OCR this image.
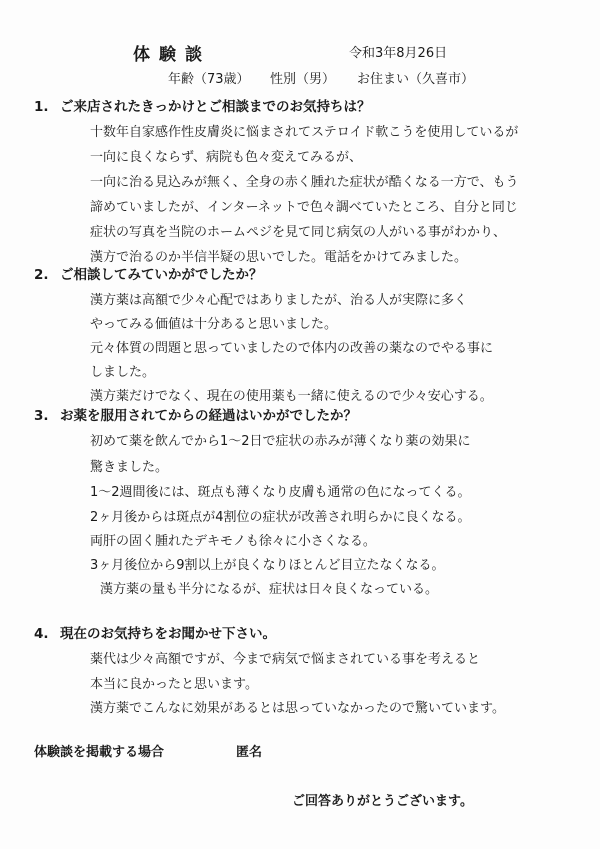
体験談	令和3年8月26日
年齢（73歳） 性別（男） お住まい（久喜市）
1. ご来店されたきっかけとご相談までのお気持ちは？
十数年自家感作性皮膚炎に悩まされてステロイド軟こうを使用しているが
一向に良くならず、病院も色々変えてみるが、
一向に治る見込みが無く、全身の赤く腫れた症状が酷くなる一方で、もう
諦めていましたが、インターネットで色々調べていたところ、自分と同じ
症状の写真を当院のホームペジを見て同じ病気の人がいる事がわかり、
漢方で治るのか半信半疑の思いでした。電話をかけてみました。
2. ご相談してみていかがでしたか？
漢方薬は高額で少々心配ではありましたが、治る人が実際に多く
やってみる価値は十分あると思いました。
元々体質の問題と思っていましたので体内の改善の薬なのでやる事に
しました。
漢方薬だけでなく、現在の使用薬も一緒に使えるので少々安心する。
3. お薬を服用されてからの経過はいかがでしたか？
初めて薬を飲んでから1～2日で症状の赤みが薄くなり薬の効果に
驚きました。
1～2週間後には、斑点も薄くなり皮膚も通常の色になってくる。
2ヶ月後からは斑点が4割位の症状が改善され明らかに良くなる。
両肝の固く腫れたデキモノも徐々に小さくなる。
3ヶ月後位から9割以上が良くなりほとんど目立たなくなる。
漢方薬の量も半分になるが、症状は日々良くなっている。
4. 現在のお気持ちをお聞かせ下さい。
薬代は少々高額ですが、今まで病気で悩まされている事を考えると
本当に良かったと思います。
漢方薬でこんなに効果があるとは思っていなかったので驚いています。
体験談を掲載する場合	匿名
ご回答ありがとうございます。
